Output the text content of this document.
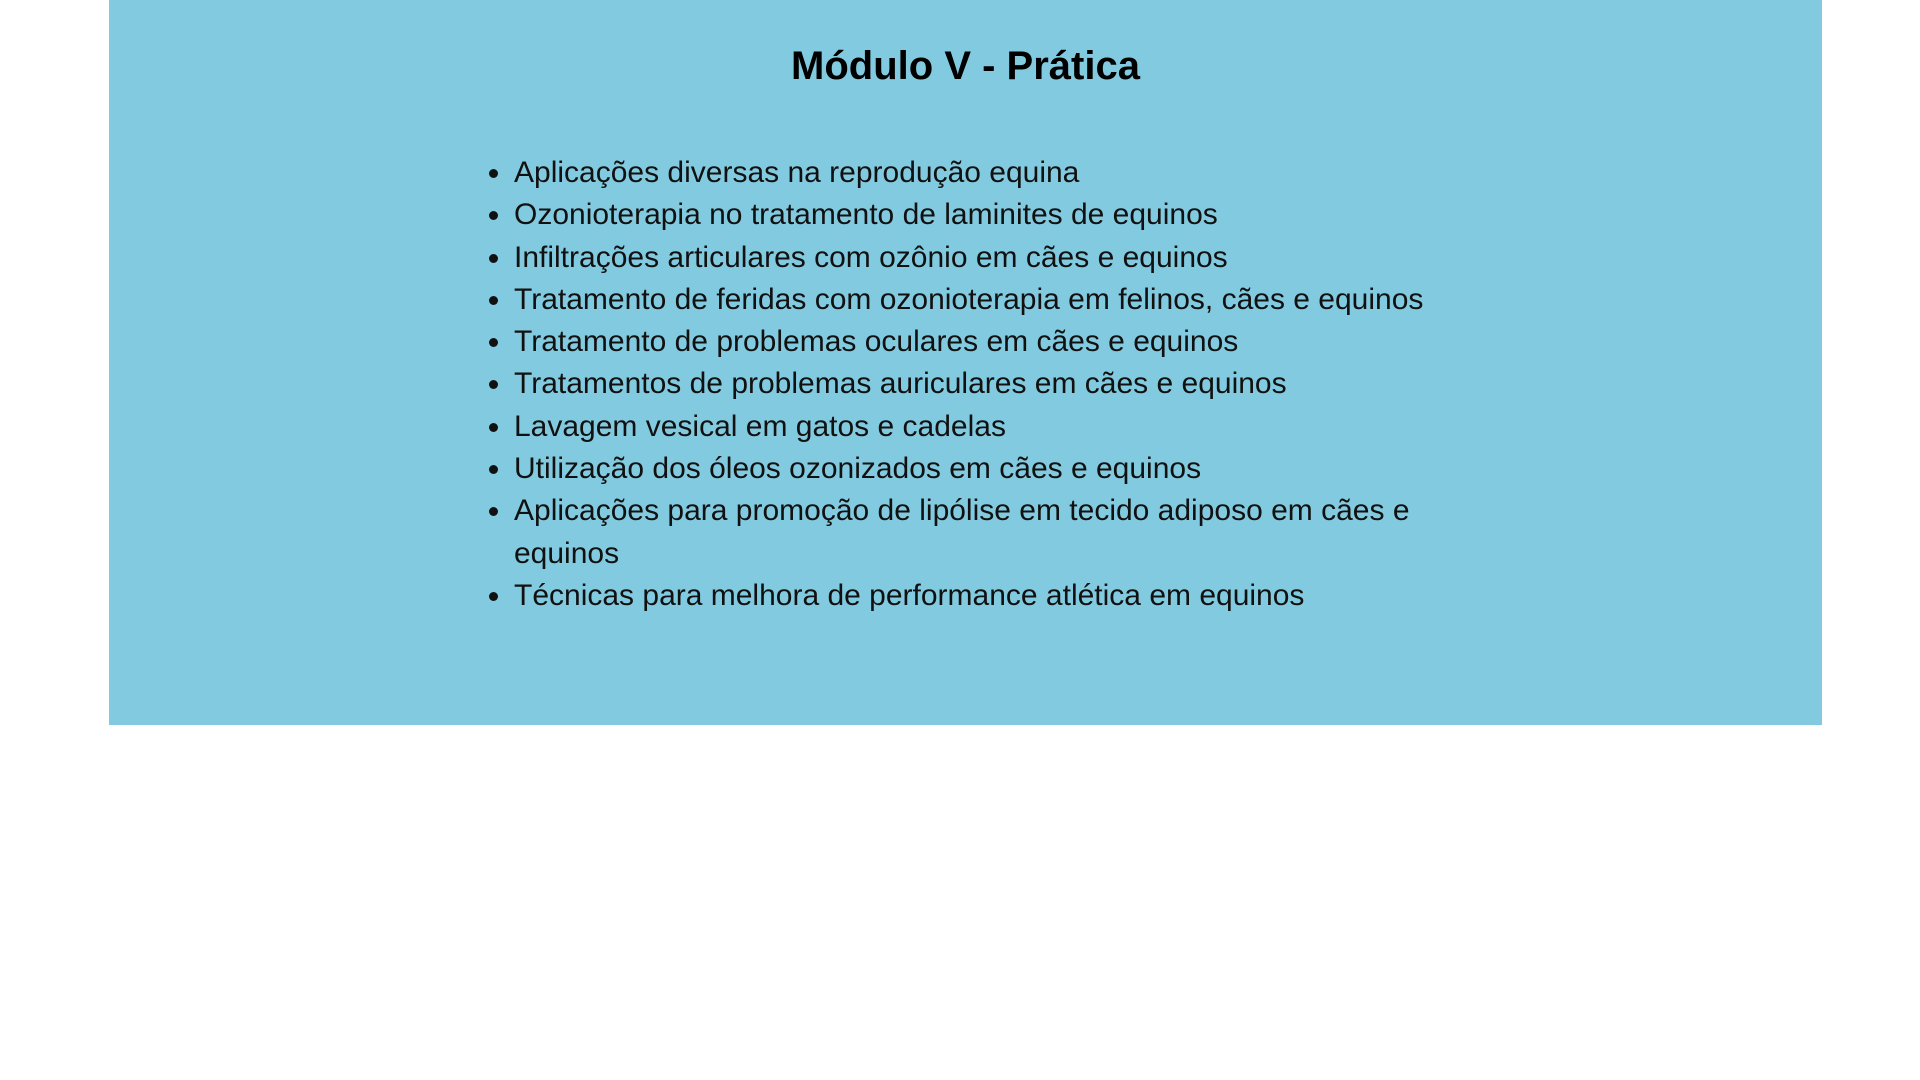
Módulo V - Prática
Aplicações diversas na reprodução equina
Ozonioterapia no tratamento de laminites de equinos
Infiltrações articulares com ozônio em cães e equinos
Tratamento de feridas com ozonioterapia em felinos, cães e equinos
Tratamento de problemas oculares em cães e equinos
Tratamentos de problemas auriculares em cães e equinos
Lavagem vesical em gatos e cadelas
Utilização dos óleos ozonizados em cães e equinos
Aplicações para promoção de lipólise em tecido adiposo em cães e equinos
Técnicas para melhora de performance atlética em equinos
